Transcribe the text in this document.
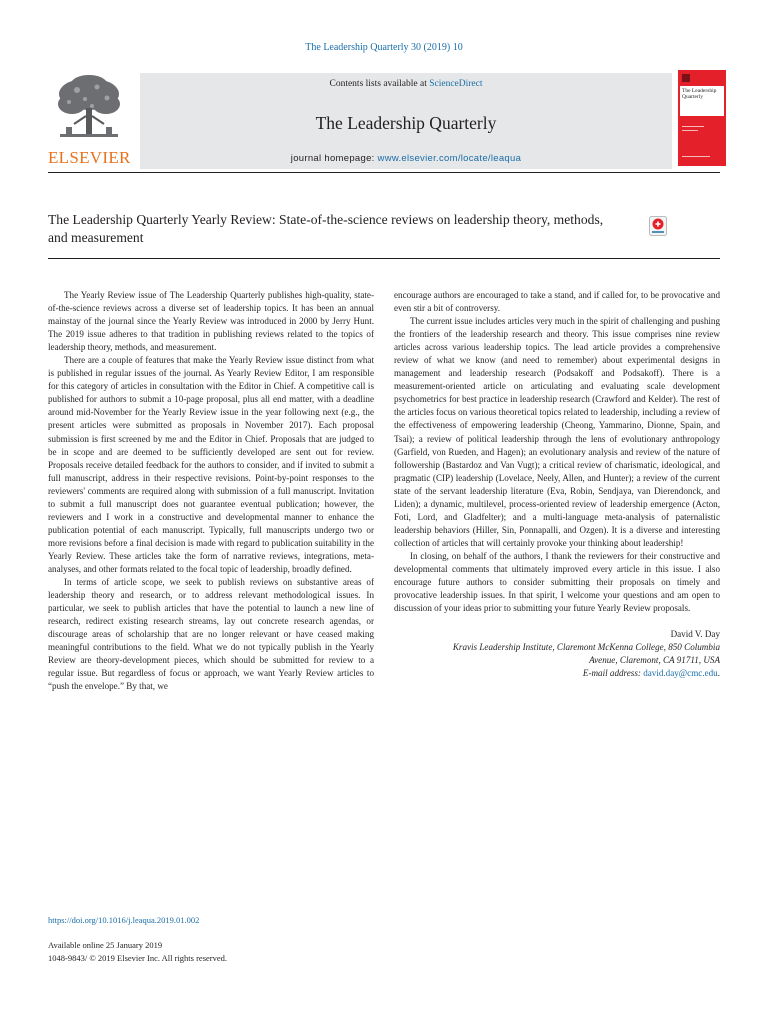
The Leadership Quarterly 30 (2019) 10
ELSEVIER
Contents lists available at ScienceDirect
The Leadership Quarterly
journal homepage: www.elsevier.com/locate/leaqua
The Leadership Quarterly
The Leadership Quarterly Yearly Review: State-of-the-science reviews on leadership theory, methods, and measurement

The Yearly Review issue of The Leadership Quarterly publishes high-quality, state-of-the-science reviews across a diverse set of leadership topics. It has been an annual mainstay of the journal since the Yearly Review was introduced in 2000 by Jerry Hunt. The 2019 issue adheres to that tradition in publishing reviews related to the topics of leadership theory, methods, and measurement.

There are a couple of features that make the Yearly Review issue distinct from what is published in regular issues of the journal. As Yearly Review Editor, I am responsible for this category of articles in consultation with the Editor in Chief. A competitive call is published for authors to submit a 10-page proposal, plus all end matter, with a deadline around mid-November for the Yearly Review issue in the year following next (e.g., the present articles were submitted as proposals in November 2017). Each proposal submission is first screened by me and the Editor in Chief. Proposals that are judged to be in scope and are deemed to be sufficiently developed are sent out for review. Proposals receive detailed feedback for the authors to consider, and if invited to submit a full manuscript, address in their respective revisions. Point-by-point responses to the reviewers' comments are required along with submission of a full manuscript. Invitation to submit a full manuscript does not guarantee eventual publication; however, the reviewers and I work in a constructive and developmental manner to enhance the publication potential of each manuscript. Typically, full manuscripts undergo two or more revisions before a final decision is made with regard to publication suitability in the Yearly Review. These articles take the form of narrative reviews, integrations, meta-analyses, and other formats related to the focal topic of leadership, broadly defined.

In terms of article scope, we seek to publish reviews on substantive areas of leadership theory and research, or to address relevant methodological issues. In particular, we seek to publish articles that have the potential to launch a new line of research, redirect existing research streams, lay out concrete research agendas, or discourage areas of scholarship that are no longer relevant or have ceased making meaningful contributions to the field. What we do not typically publish in the Yearly Review are theory-development pieces, which should be submitted for review to a regular issue. But regardless of focus or approach, we want Yearly Review articles to “push the envelope.” By that, we

encourage authors are encouraged to take a stand, and if called for, to be provocative and even stir a bit of controversy.

The current issue includes articles very much in the spirit of challenging and pushing the frontiers of the leadership research and theory. This issue comprises nine review articles across various leadership topics. The lead article provides a comprehensive review of what we know (and need to remember) about experimental designs in management and leadership research (Podsakoff and Podsakoff). There is a measurement-oriented article on articulating and evaluating scale development psychometrics for best practice in leadership research (Crawford and Kelder). The rest of the articles focus on various theoretical topics related to leadership, including a review of the effectiveness of empowering leadership (Cheong, Yammarino, Dionne, Spain, and Tsai); a review of political leadership through the lens of evolutionary anthropology (Garfield, von Rueden, and Hagen); an evolutionary analysis and review of the nature of followership (Bastardoz and Van Vugt); a critical review of charismatic, ideological, and pragmatic (CIP) leadership (Lovelace, Neely, Allen, and Hunter); a review of the current state of the servant leadership literature (Eva, Robin, Sendjaya, van Dierendonck, and Liden); a dynamic, multilevel, process-oriented review of leadership emergence (Acton, Foti, Lord, and Gladfelter); and a multi-language meta-analysis of paternalistic leadership behaviors (Hiller, Sin, Ponnapalli, and Ozgen). It is a diverse and interesting collection of articles that will certainly provoke your thinking about leadership!

In closing, on behalf of the authors, I thank the reviewers for their constructive and developmental comments that ultimately improved every article in this issue. I also encourage future authors to consider submitting their proposals on timely and provocative leadership issues. In that spirit, I welcome your questions and am open to discussion of your ideas prior to submitting your future Yearly Review proposals.

David V. Day
Kravis Leadership Institute, Claremont McKenna College, 850 Columbia
Avenue, Claremont, CA 91711, USA
E-mail address: david.day@cmc.edu.
https://doi.org/10.1016/j.leaqua.2019.01.002
Available online 25 January 2019
1048-9843/ © 2019 Elsevier Inc. All rights reserved.
